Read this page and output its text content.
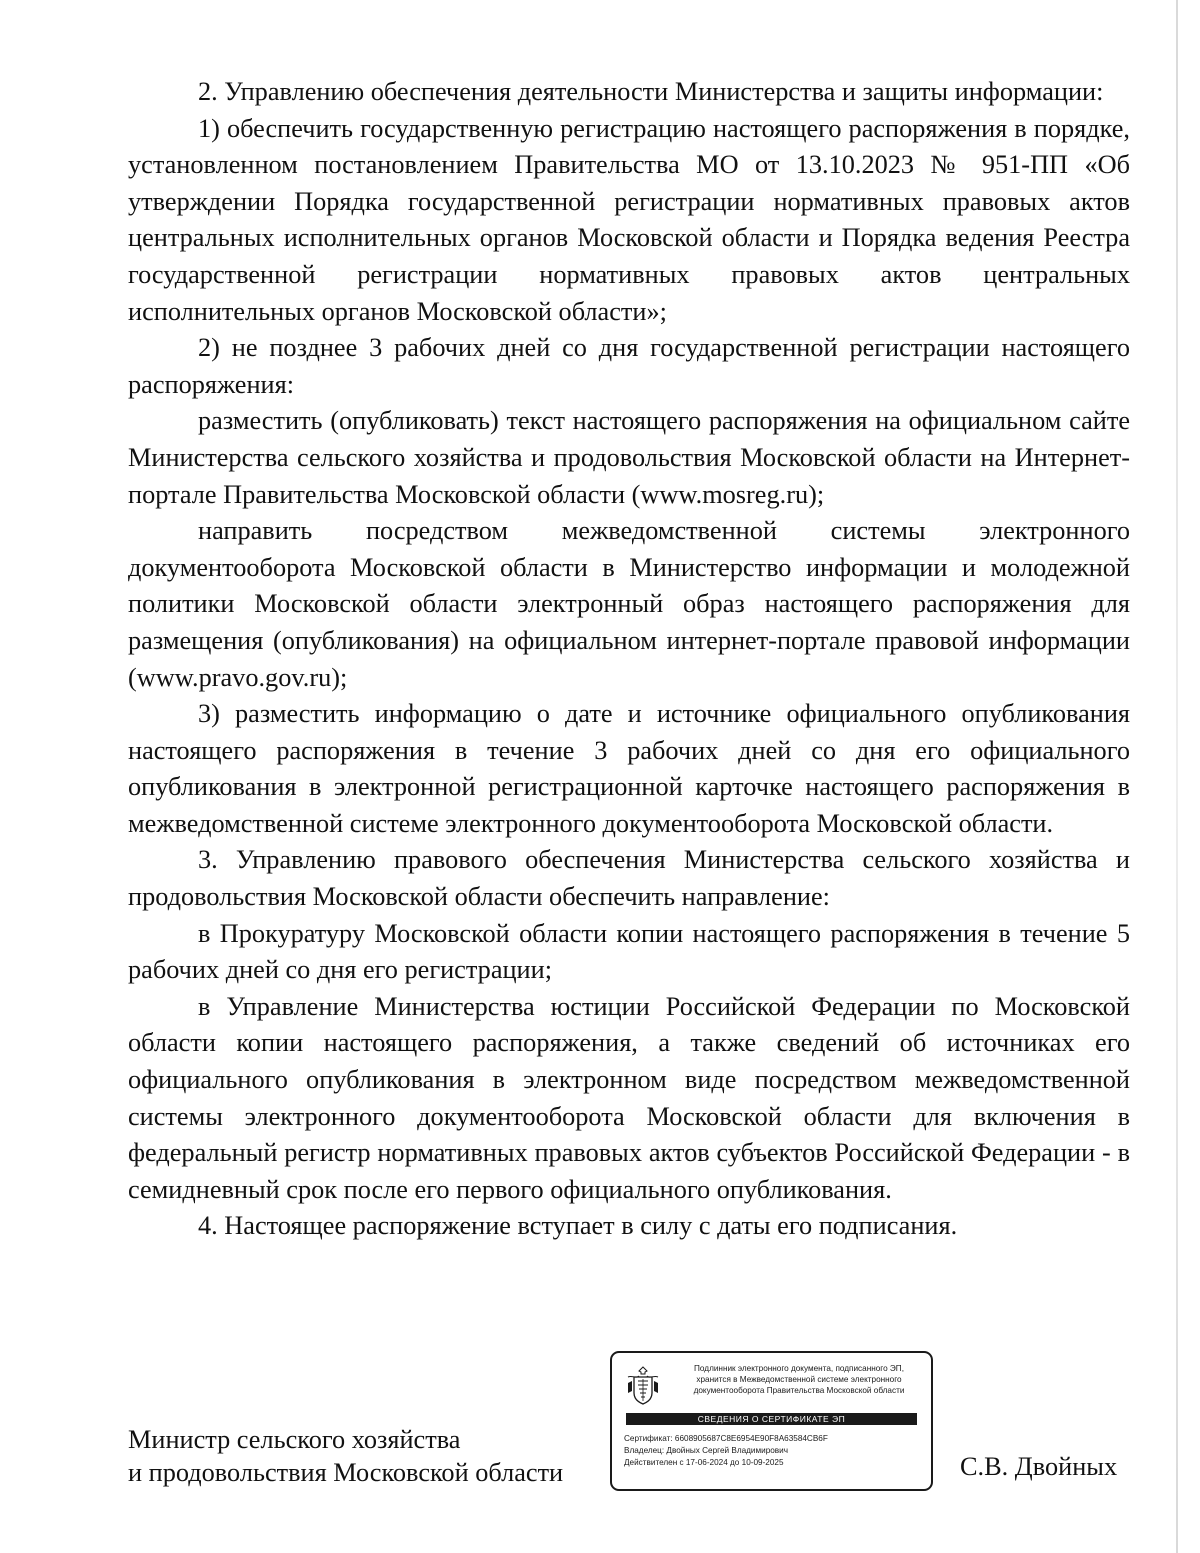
2. Управлению обеспечения деятельности Министерства и защиты информации:

1) обеспечить государственную регистрацию настоящего распоряжения в порядке, установленном постановлением Правительства МО от 13.10.2023 № 951-ПП «Об утверждении Порядка государственной регистрации нормативных правовых актов центральных исполнительных органов Московской области и Порядка ведения Реестра государственной регистрации нормативных правовых актов центральных исполнительных органов Московской области»;

2) не позднее 3 рабочих дней со дня государственной регистрации настоящего распоряжения:

разместить (опубликовать) текст настоящего распоряжения на официальном сайте Министерства сельского хозяйства и продовольствия Московской области на Интернет-портале Правительства Московской области (www.mosreg.ru);

направить посредством межведомственной системы электронного документооборота Московской области в Министерство информации и молодежной политики Московской области электронный образ настоящего распоряжения для размещения (опубликования) на официальном интернет-портале правовой информации (www.pravo.gov.ru);

3) разместить информацию о дате и источнике официального опубликования настоящего распоряжения в течение 3 рабочих дней со дня его официального опубликования в электронной регистрационной карточке настоящего распоряжения в межведомственной системе электронного документооборота Московской области.

3. Управлению правового обеспечения Министерства сельского хозяйства и продовольствия Московской области обеспечить направление:

в Прокуратуру Московской области копии настоящего распоряжения в течение 5 рабочих дней со дня его регистрации;

в Управление Министерства юстиции Российской Федерации по Московской области копии настоящего распоряжения, а также сведений об источниках его официального опубликования в электронном виде посредством межведомственной системы электронного документооборота Московской области для включения в федеральный регистр нормативных правовых актов субъектов Российской Федерации - в семидневный срок после его первого официального опубликования.

4. Настоящее распоряжение вступает в силу с даты его подписания.

Министр сельского хозяйства
и продовольствия Московской области
Подлинник электронного документа, подписанного ЭП,
хранится в Межведомственной системе электронного
документооборота Правительства Московской области
СВЕДЕНИЯ О СЕРТИФИКАТЕ ЭП
Сертификат: 6608905687C8E6954E90F8A63584CB6F
Владелец: Двойных Сергей Владимирович
Действителен с 17-06-2024 до 10-09-2025	С.В. Двойных
